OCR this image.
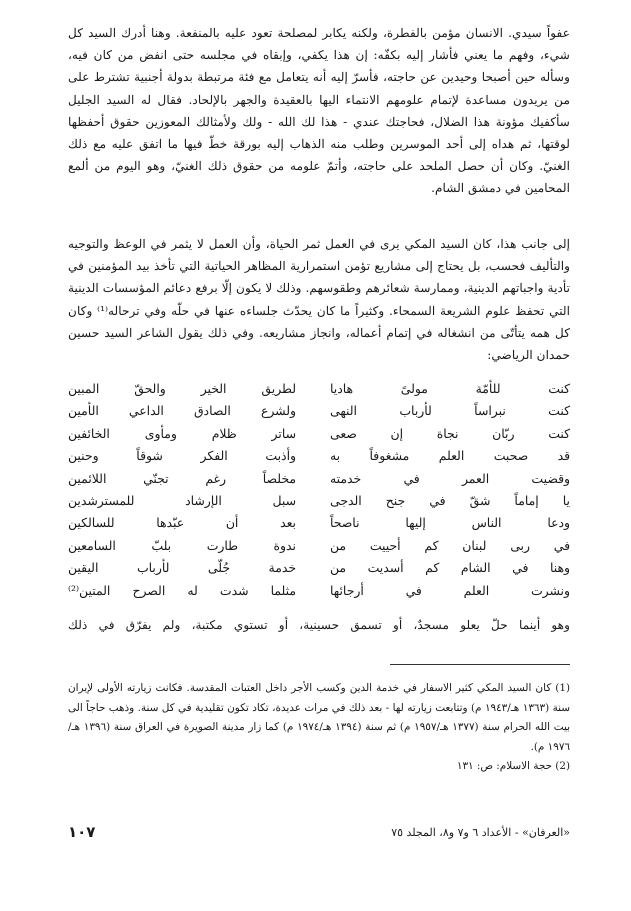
عفواً سيدي. الانسان مؤمن بالفطرة، ولكنه يكابر لمصلحة تعود عليه بالمنفعة. وهنا أدرك السيد كل شيء، وفهم ما يعني فأشار إليه بكفّه: إن هذا يكفي، وإبقاه في مجلسه حتى انفض من كان فيه، وسأله حين أصبحا وحيدين عن حاجته، فأسرّ إليه أنه يتعامل مع فئة مرتبطة بدولة أجنبية تشترط على من يريدون مساعدة لإتمام علومهم الانتماء اليها بالعقيدة والجهر بالإلحاد. فقال له السيد الجليل سأكفيك مؤونة هذا الضلال، فحاجتك عندي - هذا لك الله - ولك ولأمثالك المعوزين حقوق أحفظها لوقتها، ثم هداه إلى أحد الموسرين وطلب منه الذهاب إليه بورقة خطّ فيها ما اتفق عليه مع ذلك الغنيّ. وكان أن حصل الملحد على حاجته، وأتمّ علومه من حقوق ذلك الغنيّ، وهو اليوم من ألمع المحامين في دمشق الشام.

إلى جانب هذا، كان السيد المكي يرى في العمل ثمر الحياة، وأن العمل لا يثمر في الوعظ والتوجيه والتأليف فحسب، بل يحتاج إلى مشاريع تؤمن استمرارية المظاهر الحياتية التي تأخذ بيد المؤمنين في تأدية واجباتهم الدينية، وممارسة شعائرهم وطقوسهم. وذلك لا يكون إلّا برفع دعائم المؤسسات الدينية التي تحفظ علوم الشريعة السمحاء. وكثيراً ما كان يحدّث جلساءه عنها في حلّه وفي ترحاله⁽¹⁾ وكان كل همه يتأتّى من انشغاله في إتمام أعماله، وانجاز مشاريعه. وفي ذلك يقول الشاعر السيد حسين حمدان الرياضي:

كنت للأمّة مولىً هاديا
لطريق الخير والحقّ المبين
كنت نبراساً لأرباب النهى
ولشرع الصادق الداعي الأمين
كنت ربّان نجاة إن صعى
ساتر ظلام ومأوى الخائفين
قد صحبت العلم مشغوفاً به
وأذبت الفكر شوقاً وحنين
وقضيت العمر في خدمته
مخلصاً رغم تجنّي اللائمين
يا إماماً شقّ في جنح الدجى
سبل الإرشاد للمسترشدين
ودعا الناس إليها ناصحاً
بعد أن عبّدها للسالكين
في ربى لبنان كم أحييت من
ندوة طارت بلبّ السامعين
وهنا في الشام كم أسديت من
خدمة جُلّى لأرباب اليقين
ونشرت العلم في أرجائها
مثلما شدت له الصرح المتين⁽²⁾
وهو أينما حلّ يعلو مسجدٌ، أو تسمق حسينية، أو تستوي مكتبة، ولم يفرّق في ذلك

(1) كان السيد المكي كثير الاسفار في خدمة الدين وكسب الأجر داخل العتبات المقدسة. فكانت زيارته الأولى لإيران سنة (١٣٦٣ هـ/١٩٤٣ م) وتتابعت زيارته لها - بعد ذلك في مرات عديدة، تكاد تكون تقليدية في كل سنة. وذهب حاجاً الى بيت الله الحرام سنة (١٣٧٧ هـ/١٩٥٧ م) ثم سنة (١٣٩٤ هـ/١٩٧٤ م) كما زار مدينة الصويرة في العراق سنة (١٣٩٦ هـ/١٩٧٦ م).

(2) حجة الاسلام: ص: ١٣١

«العرفان» - الأعداد ٦ و٧ و٨، المجلد ٧٥
١٠٧
